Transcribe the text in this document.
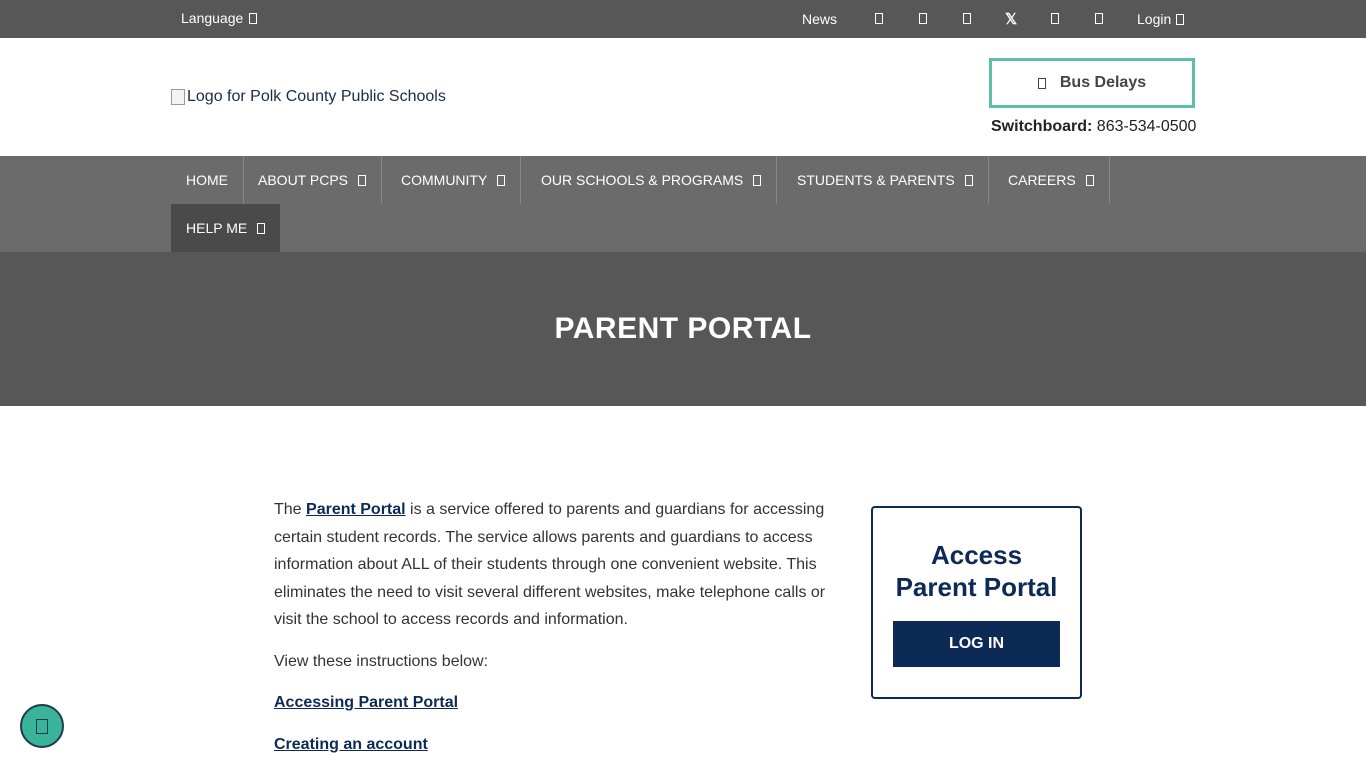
Language	News	𝕏	Login
Logo for Polk County Public Schools
Bus Delays
Switchboard: 863-534-0500
HOME ABOUT PCPS	COMMUNITY	OUR SCHOOLS & PROGRAMS	STUDENTS & PARENTS	CAREERS
HELP ME
PARENT PORTAL

The Parent Portal is a service offered to parents and guardians for accessing certain student records. The service allows parents and guardians to access information about ALL of their students through one convenient website. This eliminates the need to visit several different websites, make telephone calls or visit the school to access records and information.

View these instructions below:

Accessing Parent Portal
Creating an account
Access
Parent Portal
LOG IN
